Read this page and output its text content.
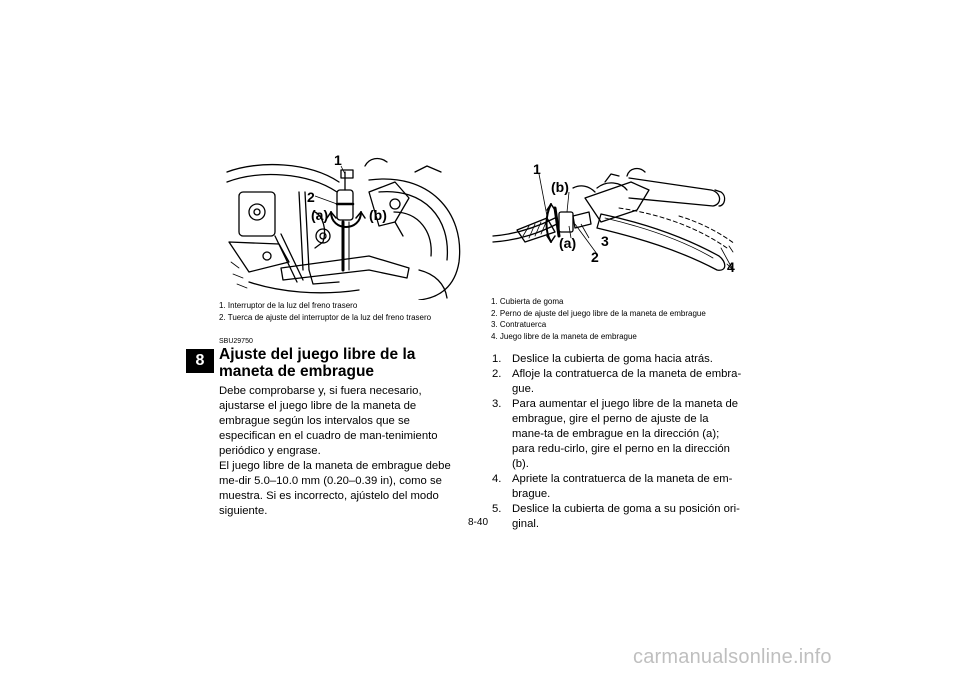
8
1
2
(a)	(b)
1
(b)
(a) 3
2
4
1. Interruptor de la luz del freno trasero
2. Tuerca de ajuste del interruptor de la luz del freno trasero
1. Cubierta de goma
2. Perno de ajuste del juego libre de la maneta de embrague
3. Contratuerca
4. Juego libre de la maneta de embrague
SBU29750
Ajuste del juego libre de la maneta de embrague

Debe comprobarse y, si fuera necesario, ajustarse el juego libre de la maneta de embrague según los intervalos que se especifican en el cuadro de man-tenimiento periódico y engrase.

El juego libre de la maneta de embrague debe me-dir 5.0–10.0 mm (0.20–0.39 in), como se muestra. Si es incorrecto, ajústelo del modo siguiente.

1. Deslice la cubierta de goma hacia atrás.
2. Afloje la contratuerca de la maneta de embra-gue.
3. Para aumentar el juego libre de la maneta de embrague, gire el perno de ajuste de la mane-ta de embrague en la dirección (a); para redu-cirlo, gire el perno en la dirección (b).
4. Apriete la contratuerca de la maneta de em-brague.
5. Deslice la cubierta de goma a su posición ori-ginal.
8-40
carmanualsonline.info
